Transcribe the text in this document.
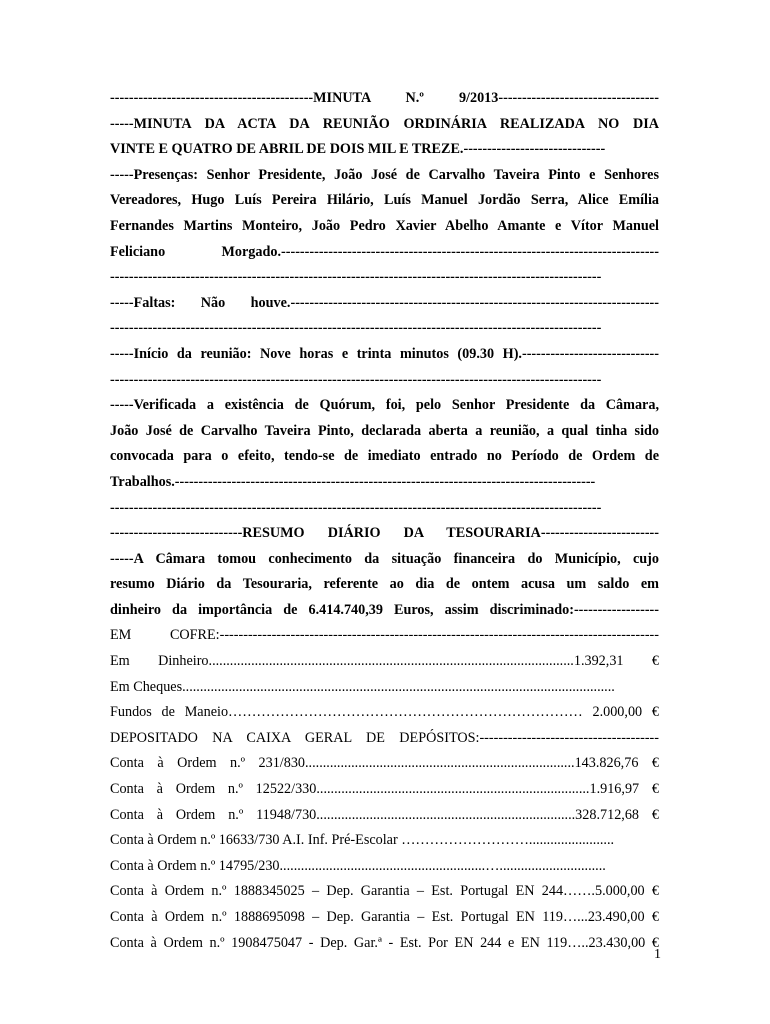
-------------------------------------------MINUTA N.º 9/2013----------------------------------
-----MINUTA DA ACTA DA REUNIÃO ORDINÁRIA REALIZADA NO DIA
VINTE E QUATRO DE ABRIL DE DOIS MIL E TREZE.------------------------------
-----Presenças: Senhor Presidente, João José de Carvalho Taveira Pinto e Senhores
Vereadores, Hugo Luís Pereira Hilário, Luís Manuel Jordão Serra, Alice Emília
Fernandes Martins Monteiro, João Pedro Xavier Abelho Amante e Vítor Manuel
Feliciano Morgado.--------------------------------------------------------------------------------
--------------------------------------------------------------------------------------------------------
-----Faltas: Não houve.------------------------------------------------------------------------------
--------------------------------------------------------------------------------------------------------
-----Início da reunião: Nove horas e trinta minutos (09.30 H).-----------------------------
--------------------------------------------------------------------------------------------------------
-----Verificada a existência de Quórum, foi, pelo Senhor Presidente da Câmara,
João José de Carvalho Taveira Pinto, declarada aberta a reunião, a qual tinha sido
convocada para o efeito, tendo-se de imediato entrado no Período de Ordem de
Trabalhos.-----------------------------------------------------------------------------------------
--------------------------------------------------------------------------------------------------------
----------------------------RESUMO DIÁRIO DA TESOURARIA-------------------------
-----A Câmara tomou conhecimento da situação financeira do Município, cujo
resumo Diário da Tesouraria, referente ao dia de ontem acusa um saldo em
dinheiro da importância de 6.414.740,39 Euros, assim discriminado:------------------
EM COFRE:---------------------------------------------------------------------------------------------
Em Dinheiro.......................................................................................................1.392,31 €
Em Cheques..........................................................................................................................
Fundos de Maneio………………………………………………………………… 2.000,00 €
DEPOSITADO NA CAIXA GERAL DE DEPÓSITOS:--------------------------------------
Conta à Ordem n.º 231/830............................................................................143.826,76 €
Conta à Ordem n.º 12522/330.............................................................................1.916,97 €
Conta à Ordem n.º 11948/730.........................................................................328.712,68 €
Conta à Ordem n.º 16633/730 A.I. Inf. Pré-Escolar ………………………........................
Conta à Ordem n.º 14795/230..........................................................…..............................
Conta à Ordem n.º 1888345025 – Dep. Garantia – Est. Portugal EN 244…….5.000,00 €
Conta à Ordem n.º 1888695098 – Dep. Garantia – Est. Portugal EN 119…...23.490,00 €
Conta à Ordem n.º 1908475047 - Dep. Gar.ª - Est. Por EN 244 e EN 119…..23.430,00 €
1
